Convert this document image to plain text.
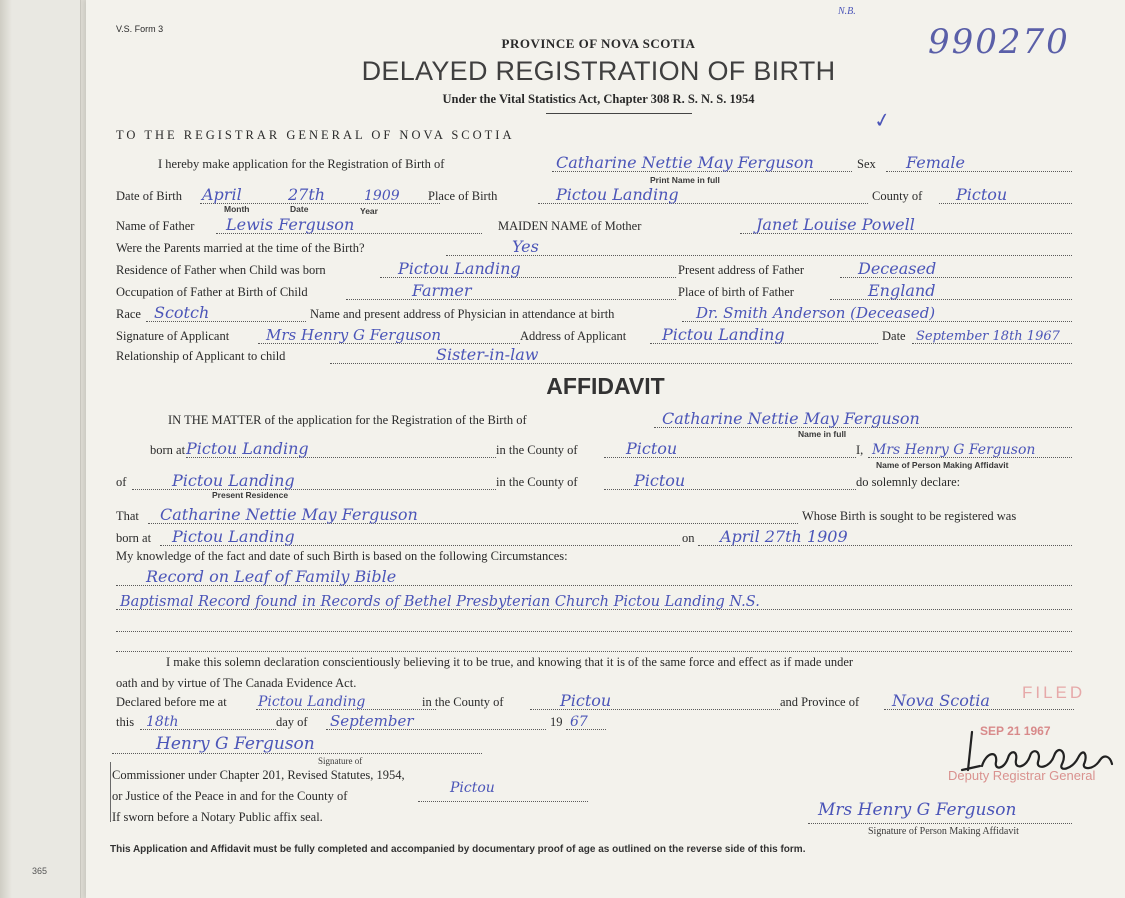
365
V.S. Form 3
N.B.
990270
PROVINCE OF NOVA SCOTIA
DELAYED REGISTRATION OF BIRTH
Under the Vital Statistics Act, Chapter 308 R. S. N. S. 1954
✓
TO THE REGISTRAR GENERAL OF NOVA SCOTIA
I hereby make application for the Registration of Birth of	Catharine Nettie May Ferguson	Sex Female
Print Name in full
Date of Birth April	27th	1909 Place of Birth	Pictou Landing	County of Pictou
Month	Date	Year
Name of Father Lewis Ferguson	MAIDEN NAME of Mother	Janet Louise Powell
Were the Parents married at the time of the Birth?	Yes
Residence of Father when Child was born	Pictou Landing	Present address of Father	Deceased
Occupation of Father at Birth of Child	Farmer	Place of birth of Father	England
Race Scotch	Name and present address of Physician in attendance at birth	Dr. Smith Anderson (Deceased)
Signature of Applicant Mrs Henry G Ferguson	Address of Applicant Pictou Landing	Date September 18th 1967
Relationship of Applicant to child	Sister-in-law
AFFIDAVIT
IN THE MATTER of the application for the Registration of the Birth of	Catharine Nettie May Ferguson
Name in full
born at Pictou Landing	in the County of	Pictou	I, Mrs Henry G Ferguson
Name of Person Making Affidavit
of	Pictou Landing	in the County of	Pictou	do solemnly declare:
Present Residence
That Catharine Nettie May Ferguson	Whose Birth is sought to be registered was
born at Pictou Landing	on April 27th 1909
My knowledge of the fact and date of such Birth is based on the following Circumstances:
Record on Leaf of Family Bible
Baptismal Record found in Records of Bethel Presbyterian Church Pictou Landing N.S.
I make this solemn declaration conscientiously believing it to be true, and knowing that it is of the same force and effect as if made under
oath and by virtue of The Canada Evidence Act.
Declared before me at Pictou Landing	in the County of	Pictou	and Province of Nova Scotia
this 18th	day of September	19 67
Henry G Ferguson
Signature of
Commissioner under Chapter 201, Revised Statutes, 1954,
or Justice of the Peace in and for the County of	Pictou
If sworn before a Notary Public affix seal.	Mrs Henry G Ferguson
Signature of Person Making Affidavit
FILED
SEP 21 1967
Deputy Registrar General
This Application and Affidavit must be fully completed and accompanied by documentary proof of age as outlined on the reverse side of this form.
